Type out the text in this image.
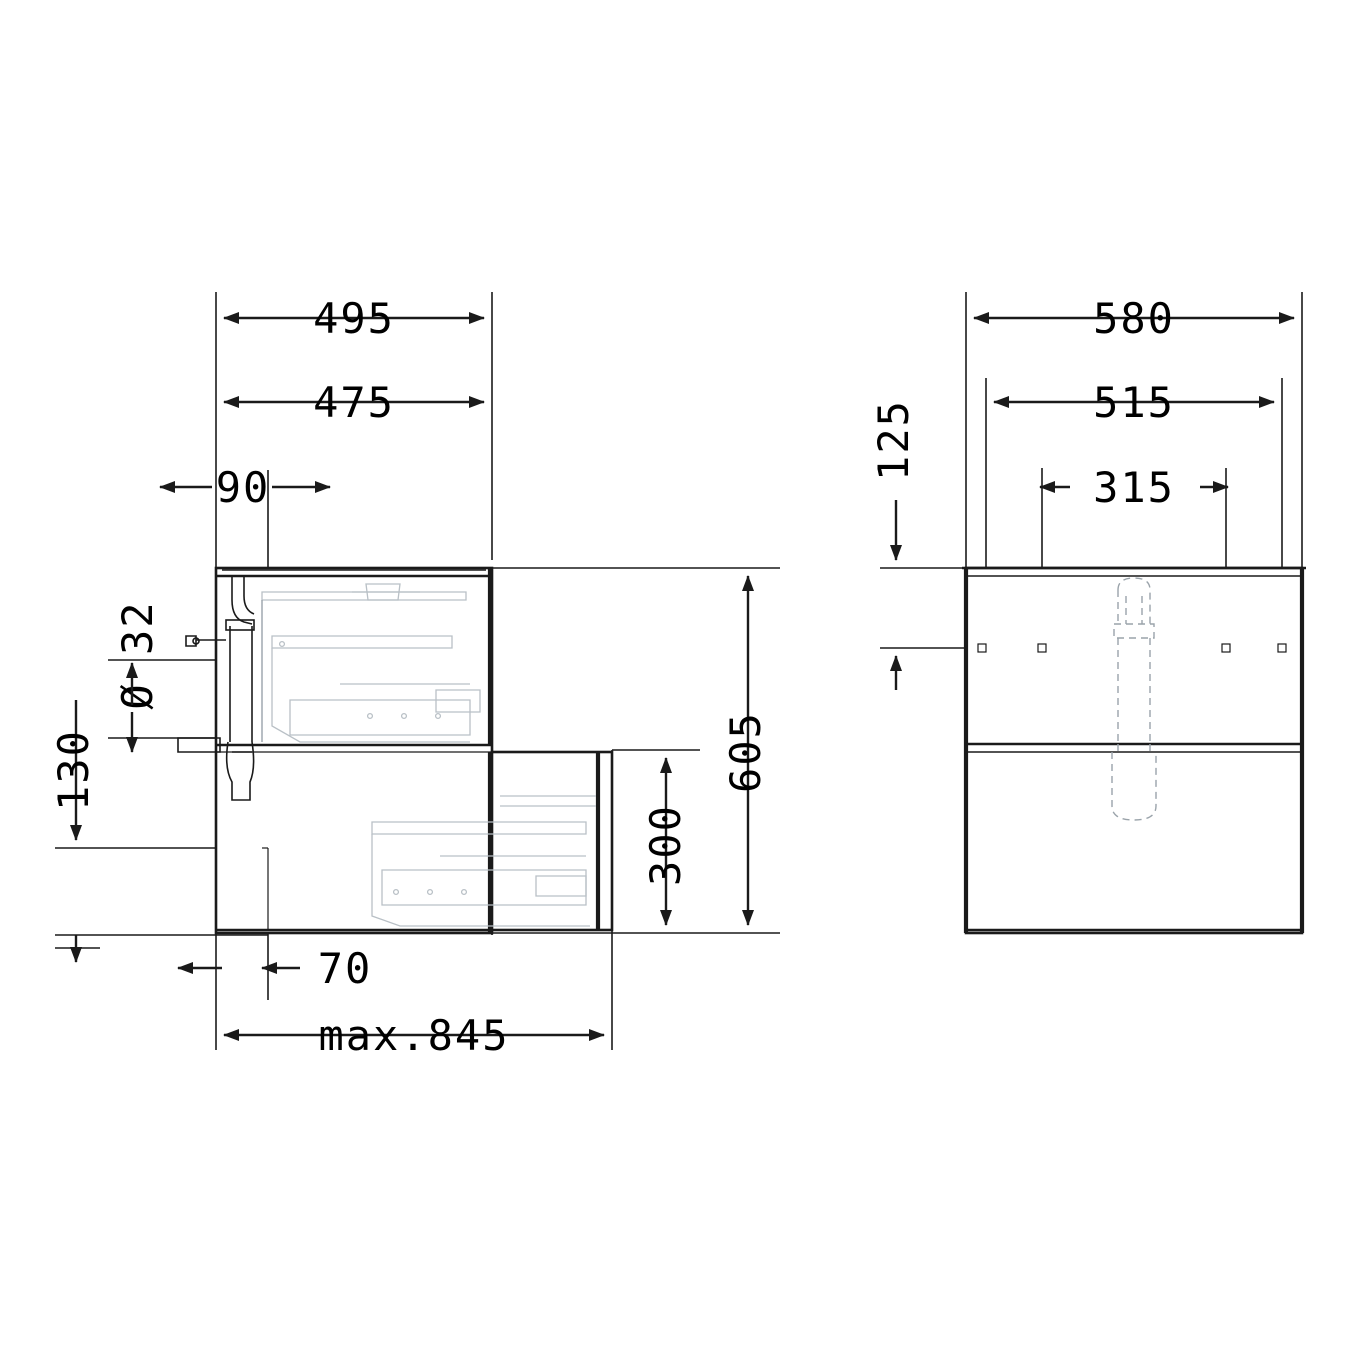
495
475
90
Ø 32
130	605
300
70
max.845
580
515
315
125
